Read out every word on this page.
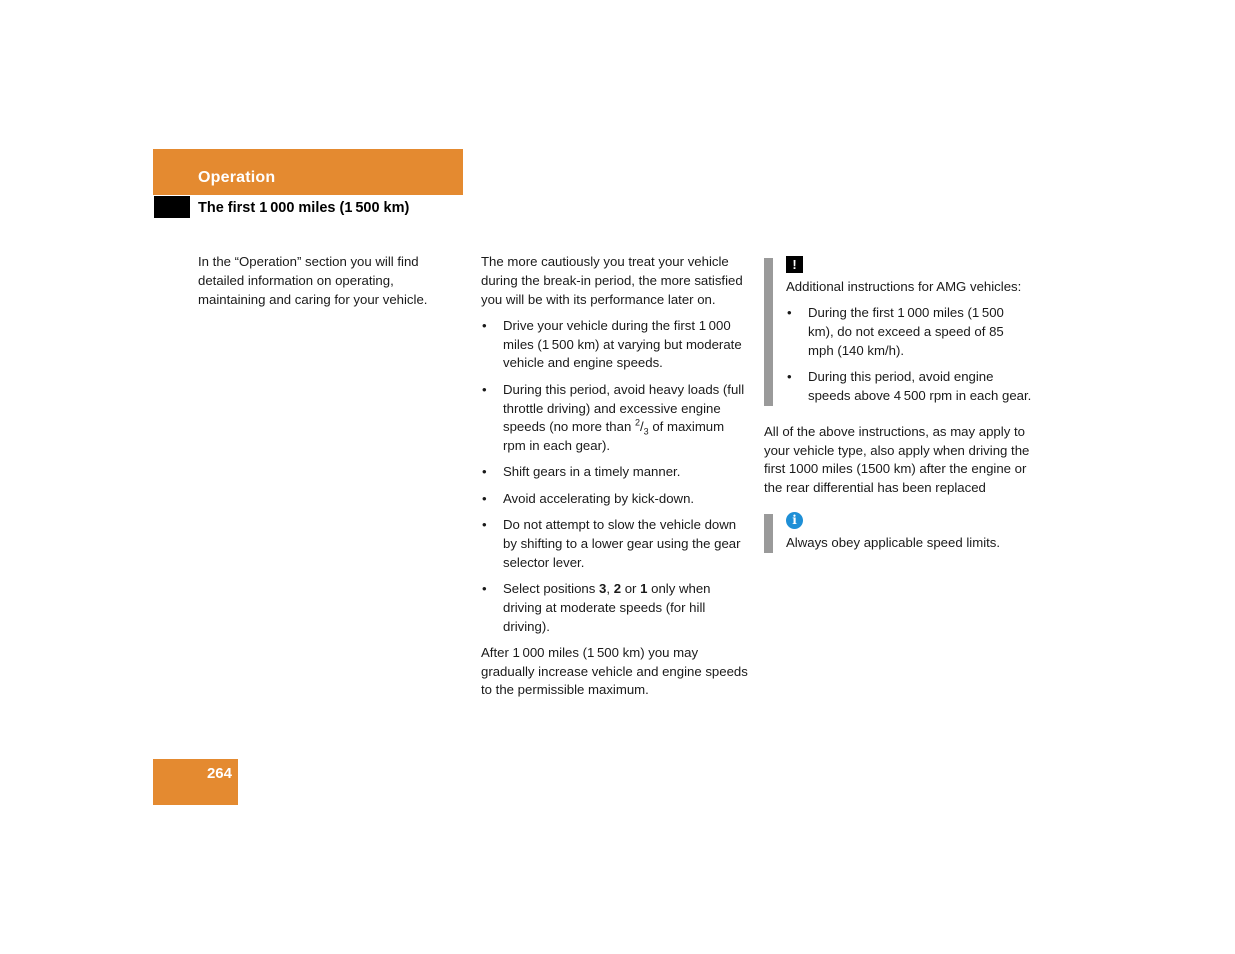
Operation
The first 1 000 miles (1 500 km)

In the “Operation” section you will find detailed information on operating, maintaining and caring for your vehicle.

The more cautiously you treat your vehicle during the break-in period, the more satisfied you will be with its performance later on.

• Drive your vehicle during the first 1 000 miles (1 500 km) at varying but moderate vehicle and engine speeds.
• During this period, avoid heavy loads (full throttle driving) and excessive engine speeds (no more than $^2/_3$ of maximum rpm in each gear).
• Shift gears in a timely manner.
• Avoid accelerating by kick-down.
• Do not attempt to slow the vehicle down by shifting to a lower gear using the gear selector lever.
• Select positions 3, 2 or 1 only when driving at moderate speeds (for hill driving).

After 1 000 miles (1 500 km) you may gradually increase vehicle and engine speeds to the permissible maximum.

!

Additional instructions for AMG vehicles:

• During the first 1 000 miles (1 500 km), do not exceed a speed of 85 mph (140 km/h).
• During this period, avoid engine speeds above 4 500 rpm in each gear.

All of the above instructions, as may apply to your vehicle type, also apply when driving the first 1000 miles (1500 km) after the engine or the rear differential has been replaced

i

Always obey applicable speed limits.

264
